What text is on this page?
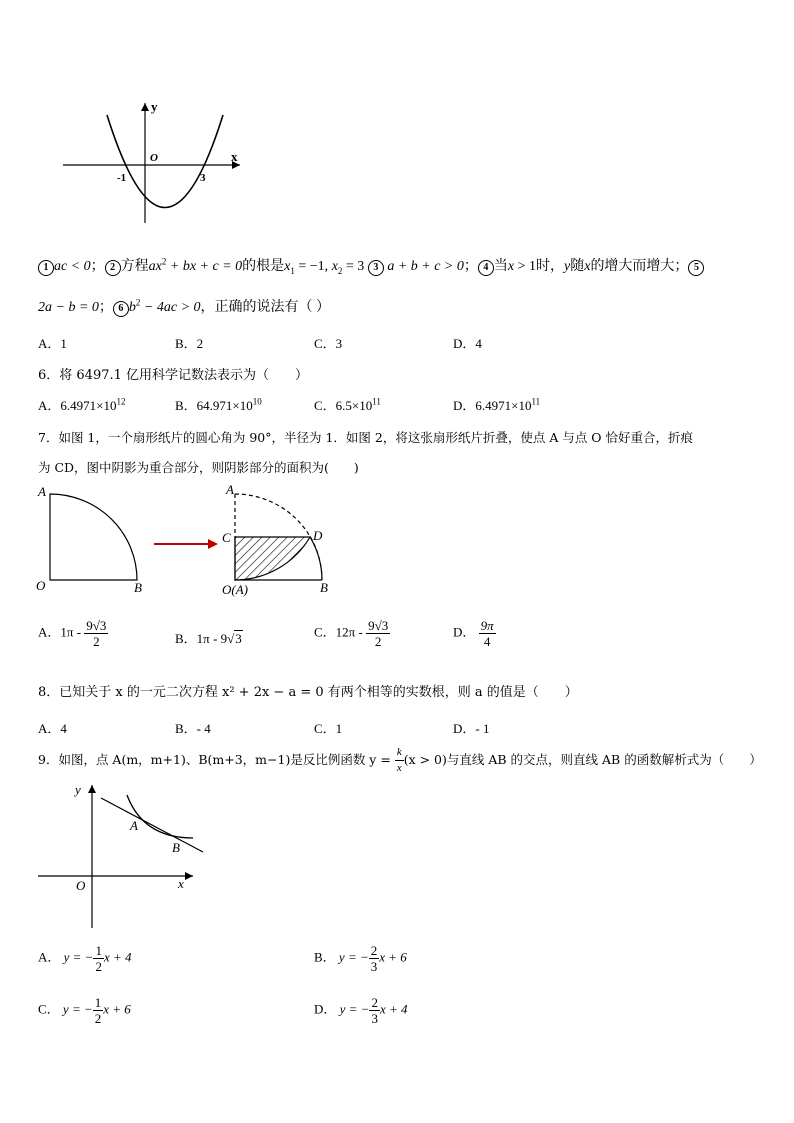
y
O	x
-1	3
1 ac < 0； 2 方程$ax^2$ + bx + c = 0的根是$x_1 = -1$, $x_2 = 3$ 3 a + b + c > 0； 4 当x > 1时，y随x的增大而增大； 5
2a − b = 0； 6 $b^2 - 4ac > 0$，正确的说法有（ ）
A．1	B．2	C．3	D．4
6．将 6497.1 亿用科学记数法表示为（　　）
A．$6.4971\times 10^{12}$	B．$64.971\times 10^{10}$	C．$6.5\times 10^{11}$	D．$6.4971\times 10^{11}$
7．如图 1，一个扇形纸片的圆心角为 90°，半径为 1．如图 2，将这张扇形纸片折叠，使点 A 与点 O 恰好重合，折痕
为 CD，图中阴影为重合部分，则阴影部分的面积为(　　)
A
O	B
A
C	D
O(A)	B
A．$1\pi - \frac{9√3}{2}$	B．1π - 9√3	C．$12\pi - \frac{9√3}{2}$	D． $\frac{9\pi}{4}$
8．已知关于 x 的一元二次方程 x² + 2x − a = 0 有两个相等的实数根，则 a 的值是（　　）
A．4	B．- 4	C．1	D．- 1
9．如图，点 A(m，m+1)、B(m+3，m−1)是反比例函数 $y = \frac{k}{x} (x > 0)$与直线 AB 的交点，则直线 AB 的函数解析式为（　　）
y
x
O
A
B
A． y = − $\frac{1}{2}$ x + 4	B． y = − $\frac{2}{3}$ x + 6
C． y = − $\frac{1}{2}$ x + 6	D． y = − $\frac{2}{3}$ x + 4
